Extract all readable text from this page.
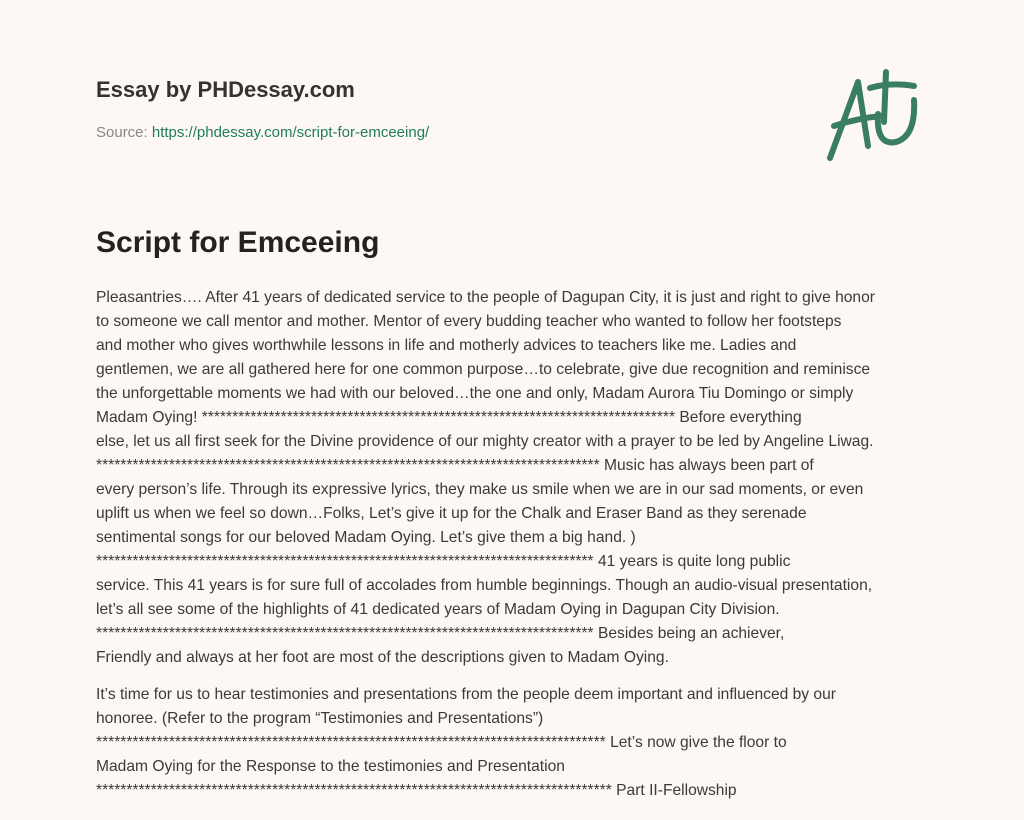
Essay by PHDessay.com
Source: https://phdessay.com/script-for-emceeing/
Script for Emceeing

Pleasantries…. After 41 years of dedicated service to the people of Dagupan City, it is just and right to give honor
to someone we call mentor and mother. Mentor of every budding teacher who wanted to follow her footsteps
and mother who gives worthwhile lessons in life and motherly advices to teachers like me. Ladies and
gentlemen, we are all gathered here for one common purpose…to celebrate, give due recognition and reminisce
the unforgettable moments we had with our beloved…the one and only, Madam Aurora Tiu Domingo or simply
Madam Oying! ****************************************************************************** Before everything
else, let us all first seek for the Divine providence of our mighty creator with a prayer to be led by Angeline Liwag.
*********************************************************************************** Music has always been part of
every person’s life. Through its expressive lyrics, they make us smile when we are in our sad moments, or even
uplift us when we feel so down…Folks, Let’s give it up for the Chalk and Eraser Band as they serenade
sentimental songs for our beloved Madam Oying. Let’s give them a big hand. )
********************************************************************************** 41 years is quite long public
service. This 41 years is for sure full of accolades from humble beginnings. Though an audio-visual presentation,
let’s all see some of the highlights of 41 dedicated years of Madam Oying in Dagupan City Division.
********************************************************************************** Besides being an achiever,
Friendly and always at her foot are most of the descriptions given to Madam Oying.

It’s time for us to hear testimonies and presentations from the people deem important and influenced by our
honoree. (Refer to the program “Testimonies and Presentations”)
************************************************************************************ Let’s now give the floor to
Madam Oying for the Response to the testimonies and Presentation
************************************************************************************* Part II-Fellowship
